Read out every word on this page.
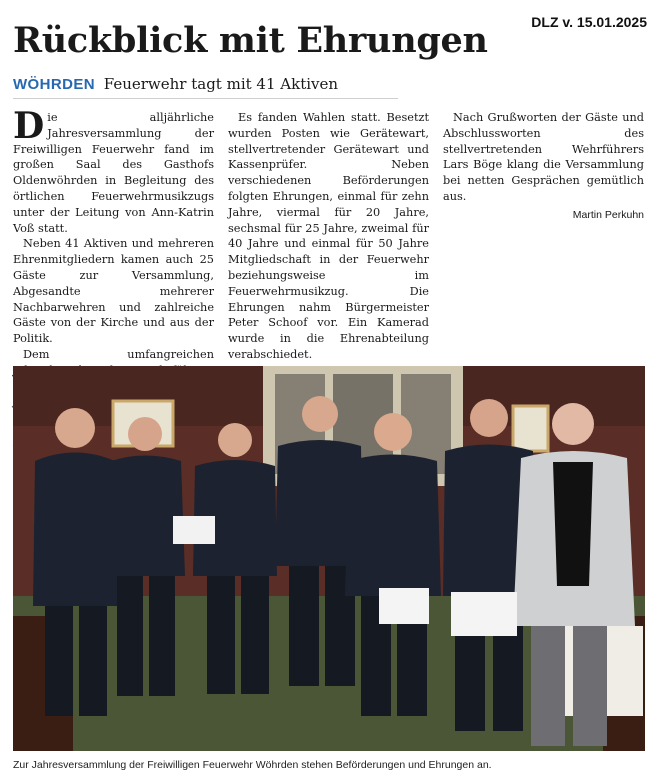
DLZ v. 15.01.2025
Rückblick mit Ehrungen
WÖHRDEN Feuerwehr tagt mit 41 Aktiven

Die alljährliche Jahresversammlung der Freiwilligen Feuerwehr fand im großen Saal des Gasthofs Oldenwöhrden in Begleitung des örtlichen Feuerwehrmusikzugs unter der Leitung von Ann-Katrin Voß statt.

Neben 41 Aktiven und mehreren Ehrenmitgliedern kamen auch 25 Gäste zur Versammlung, Abgesandte mehrerer Nachbarwehren und zahlreiche Gäste von der Kirche und aus der Politik.

Dem umfangreichen

Es fanden Wahlen statt. Besetzt wurden Posten wie Gerätewart, stellvertretender Gerätewart und Kassenprüfer. Neben verschiedenen Beförderungen folgten Ehrungen, einmal für zehn Jahre, viermal für 20 Jahre, sechsmal für 25 Jahre, zweimal für 40 Jahre und einmal für 50 Jahre Mitgliedschaft in der Feuerwehr beziehungsweise im Feuerwehrmusikzug. Die Ehrungen nahm Bürgermeister Peter Schoof vor. Ein Kamerad wurde in die Ehrenabteilung verabschiedet.

Nach Grußworten der Gäste und Abschlussworten des stellvertretenden Wehrführers Lars Böge klang die Versammlung bei netten Gesprächen gemütlich aus.

Martin Perkuhn
Zur Jahresversammlung der Freiwilligen Feuerwehr Wöhrden stehen Beförderungen und Ehrungen an.
